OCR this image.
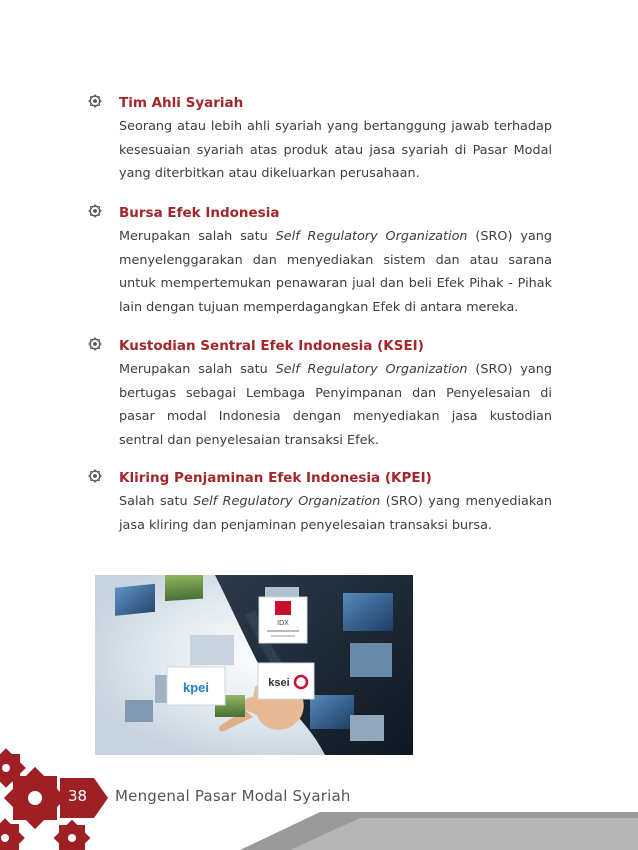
Tim Ahli Syariah
Seorang atau lebih ahli syariah yang bertanggung jawab terhadap kesesuaian syariah atas produk atau jasa syariah di Pasar Modal yang diterbitkan atau dikeluarkan perusahaan.
Bursa Efek Indonesia
Merupakan salah satu Self Regulatory Organization (SRO) yang menyelenggarakan dan menyediakan sistem dan atau sarana untuk mempertemukan penawaran jual dan beli Efek Pihak - Pihak lain dengan tujuan memperdagangkan Efek di antara mereka.
Kustodian Sentral Efek Indonesia (KSEI)
Merupakan salah satu Self Regulatory Organization (SRO) yang bertugas sebagai Lembaga Penyimpanan dan Penyelesaian di pasar modal Indonesia dengan menyediakan jasa kustodian sentral dan penyelesaian transaksi Efek.
Kliring Penjaminan Efek Indonesia (KPEI)
Salah satu Self Regulatory Organization (SRO) yang menyediakan jasa kliring dan penjaminan penyelesaian transaksi bursa.
IDX
kpei	ksei
38 Mengenal Pasar Modal Syariah
